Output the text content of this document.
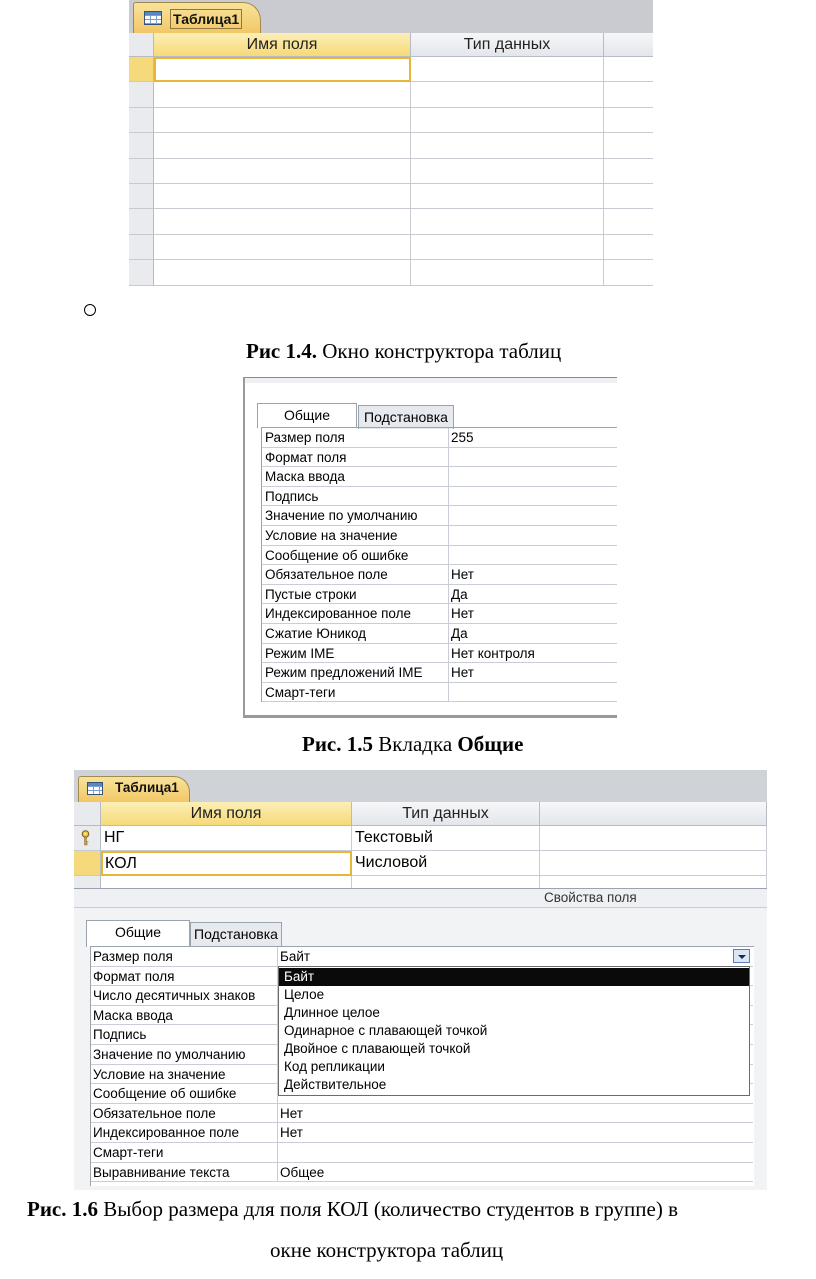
Таблица1
Имя поля	Тип данных
Рис 1.4. Окно конструктора таблиц
Общие	Подстановка
Размер поля	255
Формат поля
Маска ввода
Подпись
Значение по умолчанию
Условие на значение
Сообщение об ошибке
Обязательное поле	Нет
Пустые строки	Да
Индексированное поле	Нет
Сжатие Юникод	Да
Режим IME	Нет контроля
Режим предложений IME	Нет
Смарт-теги
Рис. 1.5 Вкладка Общие
Таблица1
Имя поля	Тип данных
НГ	Текстовый
КОЛ	Числовой
Свойства поля
Общие	Подстановка
Размер поля	Байт
Формат поля
Число десятичных знаков
Маска ввода
Подпись
Значение по умолчанию
Условие на значение
Сообщение об ошибке
Обязательное поле	Нет
Индексированное поле	Нет
Смарт-теги
Выравнивание текста	Общее
Байт
Целое
Длинное целое
Одинарное с плавающей точкой
Двойное с плавающей точкой
Код репликации
Действительное
Рис. 1.6 Выбор размера для поля КОЛ (количество студентов в группе) в
окне конструктора таблиц
